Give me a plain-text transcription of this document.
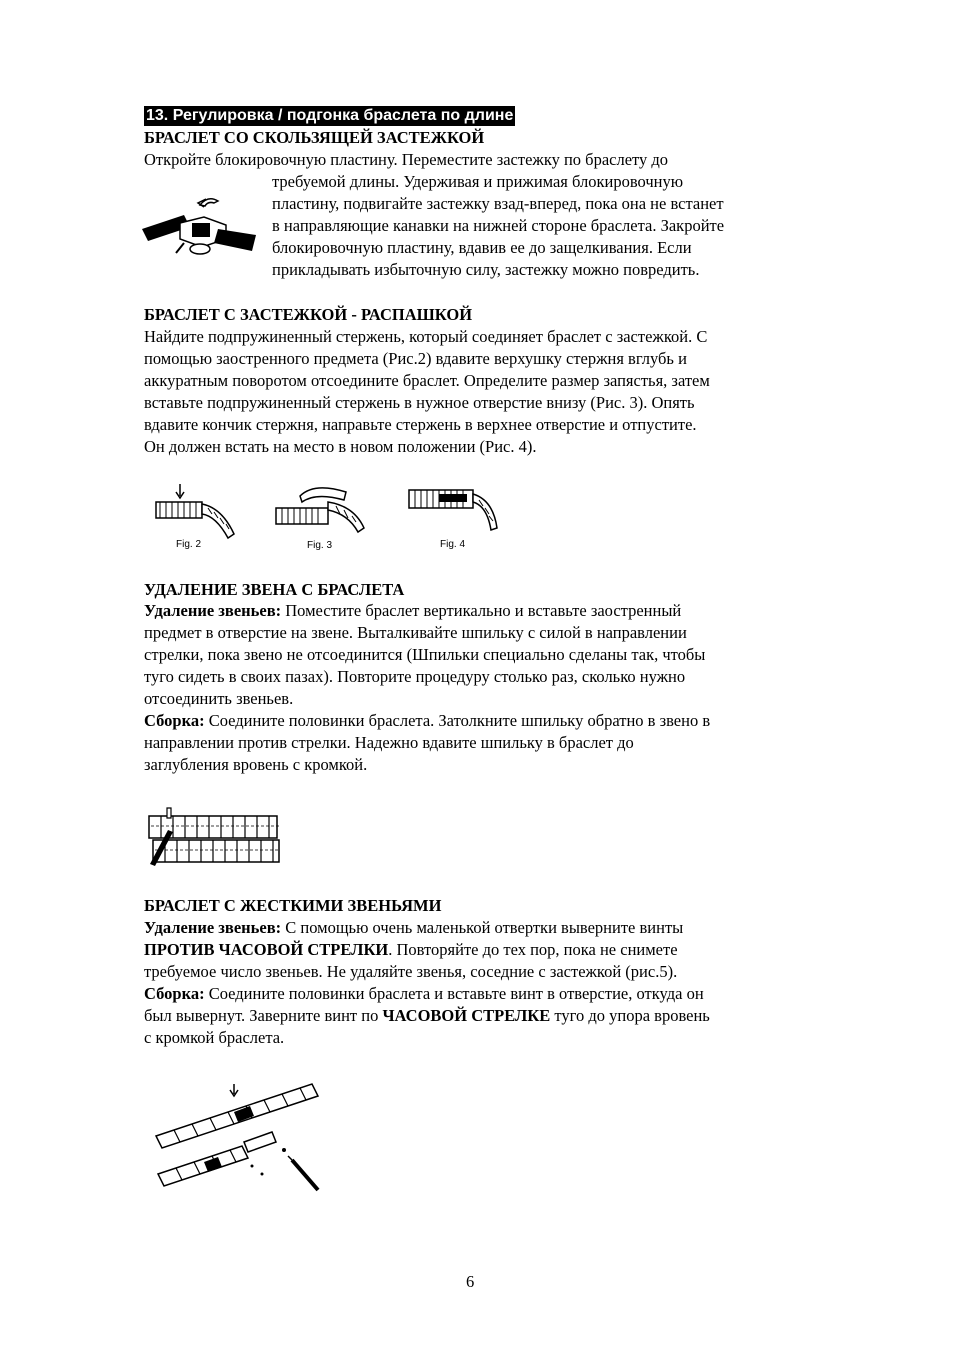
13. Регулировка / подгонка браслета по длине
БРАСЛЕТ СО СКОЛЬЗЯЩЕЙ ЗАСТЕЖКОЙ
Откройте блокировочную пластину. Переместите застежку по браслету до
требуемой длины. Удерживая и прижимая блокировочную
пластину, подвигайте застежку взад-вперед, пока она не встанет
в направляющие канавки на нижней стороне браслета. Закройте
блокировочную пластину, вдавив ее до защелкивания. Если
прикладывать избыточную силу, застежку можно повредить.
БРАСЛЕТ С ЗАСТЕЖКОЙ - РАСПАШКОЙ
Найдите подпружиненный стержень, который соединяет браслет с застежкой. С
помощью заостренного предмета (Рис.2) вдавите верхушку стержня вглубь и
аккуратным поворотом отсоедините браслет. Определите размер запястья, затем
вставьте подпружиненный стержень в нужное отверстие внизу (Рис. 3). Опять
вдавите кончик стержня, направьте стержень в верхнее отверстие и отпустите.
Он должен встать на место в новом положении (Рис. 4).
Fig. 2	Fig. 3	Fig. 4
УДАЛЕНИЕ ЗВЕНА С БРАСЛЕТА
Удаление звеньев: Поместите браслет вертикально и вставьте заостренный
предмет в отверстие на звене. Выталкивайте шпильку с силой в направлении
стрелки, пока звено не отсоединится (Шпильки специально сделаны так, чтобы
туго сидеть в своих пазах). Повторите процедуру столько раз, сколько нужно
отсоединить звеньев.
Сборка: Соедините половинки браслета. Затолкните шпильку обратно в звено в
направлении против стрелки. Надежно вдавите шпильку в браслет до
заглубления вровень с кромкой.
БРАСЛЕТ С ЖЕСТКИМИ ЗВЕНЬЯМИ
Удаление звеньев: С помощью очень маленькой отвертки выверните винты
ПРОТИВ ЧАСОВОЙ СТРЕЛКИ. Повторяйте до тех пор, пока не снимете
требуемое число звеньев. Не удаляйте звенья, соседние с застежкой (рис.5).
Сборка: Соедините половинки браслета и вставьте винт в отверстие, откуда он
был вывернут. Заверните винт по ЧАСОВОЙ СТРЕЛКЕ туго до упора вровень
с кромкой браслета.
6
